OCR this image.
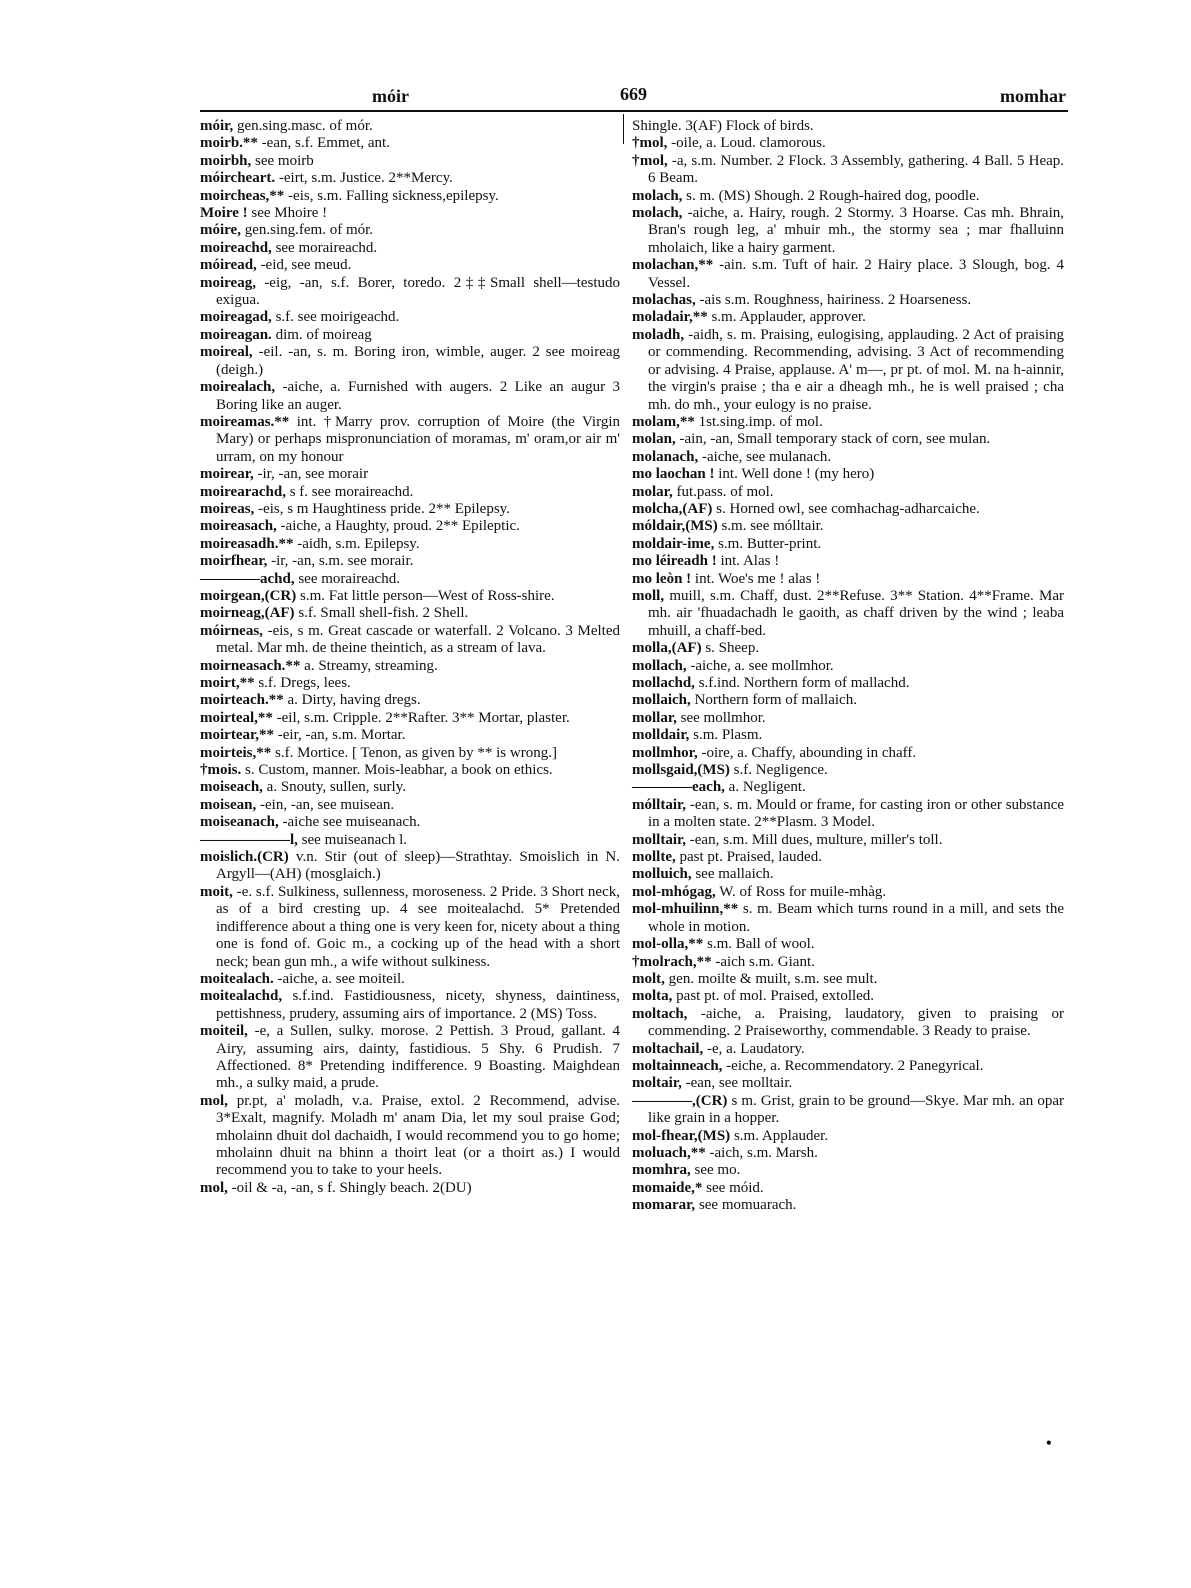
móir	669	momhar
móir, gen.sing.masc. of mór.
moirb.** -ean, s.f. Emmet, ant.
moirbh, see moirb
móircheart. -eirt, s.m. Justice. 2**Mercy.
moircheas,** -eis, s.m. Falling sickness,epilepsy.
Moire ! see Mhoire !
móire, gen.sing.fem. of mór.
moireachd, see moraireachd.
móiread, -eid, see meud.
moireag, -eig, -an, s.f. Borer, toredo. 2‡‡Small shell—testudo exigua.
moireagad, s.f. see moirigeachd.
moireagan. dim. of moireag
moireal, -eil. -an, s. m. Boring iron, wimble, auger. 2 see moireag (deigh.)
moirealach, -aiche, a. Furnished with augers. 2 Like an augur 3 Boring like an auger.
moireamas.** int. †Marry prov. corruption of Moire (the Virgin Mary) or perhaps mispronunciation of moramas, m' oram,or air m' urram, on my honour
moirear, -ir, -an, see morair
moirearachd, s f. see moraireachd.
moireas, -eis, s m Haughtiness pride. 2** Epilepsy.
moireasach, -aiche, a Haughty, proud. 2** Epileptic.
moireasadh.** -aidh, s.m. Epilepsy.
moirfhear, -ir, -an, s.m. see morair.
————achd, see moraireachd.
moirgean,(CR) s.m. Fat little person—West of Ross-shire.
moirneag,(AF) s.f. Small shell-fish. 2 Shell.
móirneas, -eis, s m. Great cascade or waterfall. 2 Volcano. 3 Melted metal. Mar mh. de theine theintich, as a stream of lava.
moirneasach.** a. Streamy, streaming.
moirt,** s.f. Dregs, lees.
moirteach.** a. Dirty, having dregs.
moirteal,** -eil, s.m. Cripple. 2**Rafter. 3** Mortar, plaster.
moirtear,** -eir, -an, s.m. Mortar.
moirteis,** s.f. Mortice. [ Tenon, as given by ** is wrong.]
†mois. s. Custom, manner. Mois-leabhar, a book on ethics.
moiseach, a. Snouty, sullen, surly.
moisean, -ein, -an, see muisean.
moiseanach, -aiche see muiseanach.
——————l, see muiseanach l.
moislich.(CR) v.n. Stir (out of sleep)—Strathtay. Smoislich in N. Argyll—(AH) (mosglaich.)
moit, -e. s.f. Sulkiness, sullenness, moroseness. 2 Pride. 3 Short neck, as of a bird cresting up. 4 see moitealachd. 5* Pretended indifference about a thing one is very keen for, nicety about a thing one is fond of. Goic m., a cocking up of the head with a short neck; bean gun mh., a wife without sulkiness.
moitealach. -aiche, a. see moiteil.
moitealachd, s.f.ind. Fastidiousness, nicety, shyness, daintiness, pettishness, prudery, assuming airs of importance. 2 (MS) Toss.
moiteil, -e, a Sullen, sulky. morose. 2 Pettish. 3 Proud, gallant. 4 Airy, assuming airs, dainty, fastidious. 5 Shy. 6 Prudish. 7 Affectioned. 8* Pretending indifference. 9 Boasting. Maighdean mh., a sulky maid, a prude.
mol, pr.pt, a' moladh, v.a. Praise, extol. 2 Recommend, advise. 3*Exalt, magnify. Moladh m' anam Dia, let my soul praise God; mholainn dhuit dol dachaidh, I would recommend you to go home; mholainn dhuit na bhinn a thoirt leat (or a thoirt as.) I would recommend you to take to your heels.
mol, -oil & -a, -an, s f. Shingly beach. 2(DU)
Shingle. 3(AF) Flock of birds.
†mol, -oile, a. Loud. clamorous.
†mol, -a, s.m. Number. 2 Flock. 3 Assembly, gathering. 4 Ball. 5 Heap. 6 Beam.
molach, s. m. (MS) Shough. 2 Rough-haired dog, poodle.
molach, -aiche, a. Hairy, rough. 2 Stormy. 3 Hoarse. Cas mh. Bhrain, Bran's rough leg, a' mhuir mh., the stormy sea ; mar fhalluinn mholaich, like a hairy garment.
molachan,** -ain. s.m. Tuft of hair. 2 Hairy place. 3 Slough, bog. 4 Vessel.
molachas, -ais s.m. Roughness, hairiness. 2 Hoarseness.
moladair,** s.m. Applauder, approver.
moladh, -aidh, s. m. Praising, eulogising, applauding. 2 Act of praising or commending. Recommending, advising. 3 Act of recommending or advising. 4 Praise, applause. A' m—, pr pt. of mol. M. na h-ainnir, the virgin's praise ; tha e air a dheagh mh., he is well praised ; cha mh. do mh., your eulogy is no praise.
molam,** 1st.sing.imp. of mol.
molan, -ain, -an, Small temporary stack of corn, see mulan.
molanach, -aiche, see mulanach.
mo laochan ! int. Well done ! (my hero)
molar, fut.pass. of mol.
molcha,(AF) s. Horned owl, see comhachag-adharcaiche.
móldair,(MS) s.m. see mólltair.
moldair-ime, s.m. Butter-print.
mo léireadh ! int. Alas !
mo leòn ! int. Woe's me ! alas !
moll, muill, s.m. Chaff, dust. 2**Refuse. 3** Station. 4**Frame. Mar mh. air 'fhuadachadh le gaoith, as chaff driven by the wind ; leaba mhuill, a chaff-bed.
molla,(AF) s. Sheep.
mollach, -aiche, a. see mollmhor.
mollachd, s.f.ind. Northern form of mallachd.
mollaich, Northern form of mallaich.
mollar, see mollmhor.
molldair, s.m. Plasm.
mollmhor, -oire, a. Chaffy, abounding in chaff.
mollsgaid,(MS) s.f. Negligence.
————each, a. Negligent.
mólltair, -ean, s. m. Mould or frame, for casting iron or other substance in a molten state. 2**Plasm. 3 Model.
molltair, -ean, s.m. Mill dues, multure, miller's toll.
mollte, past pt. Praised, lauded.
molluich, see mallaich.
mol-mhógag, W. of Ross for muile-mhàg.
mol-mhuilinn,** s. m. Beam which turns round in a mill, and sets the whole in motion.
mol-olla,** s.m. Ball of wool.
†molrach,** -aich s.m. Giant.
molt, gen. moilte & muilt, s.m. see mult.
molta, past pt. of mol. Praised, extolled.
moltach, -aiche, a. Praising, laudatory, given to praising or commending. 2 Praiseworthy, commendable. 3 Ready to praise.
moltachail, -e, a. Laudatory.
moltainneach, -eiche, a. Recommendatory. 2 Panegyrical.
moltair, -ean, see molltair.
————,(CR) s m. Grist, grain to be ground—Skye. Mar mh. an opar like grain in a hopper.
mol-fhear,(MS) s.m. Applauder.
moluach,** -aich, s.m. Marsh.
momhra, see mo.
momaide,* see móid.
momarar, see momuarach.
•
